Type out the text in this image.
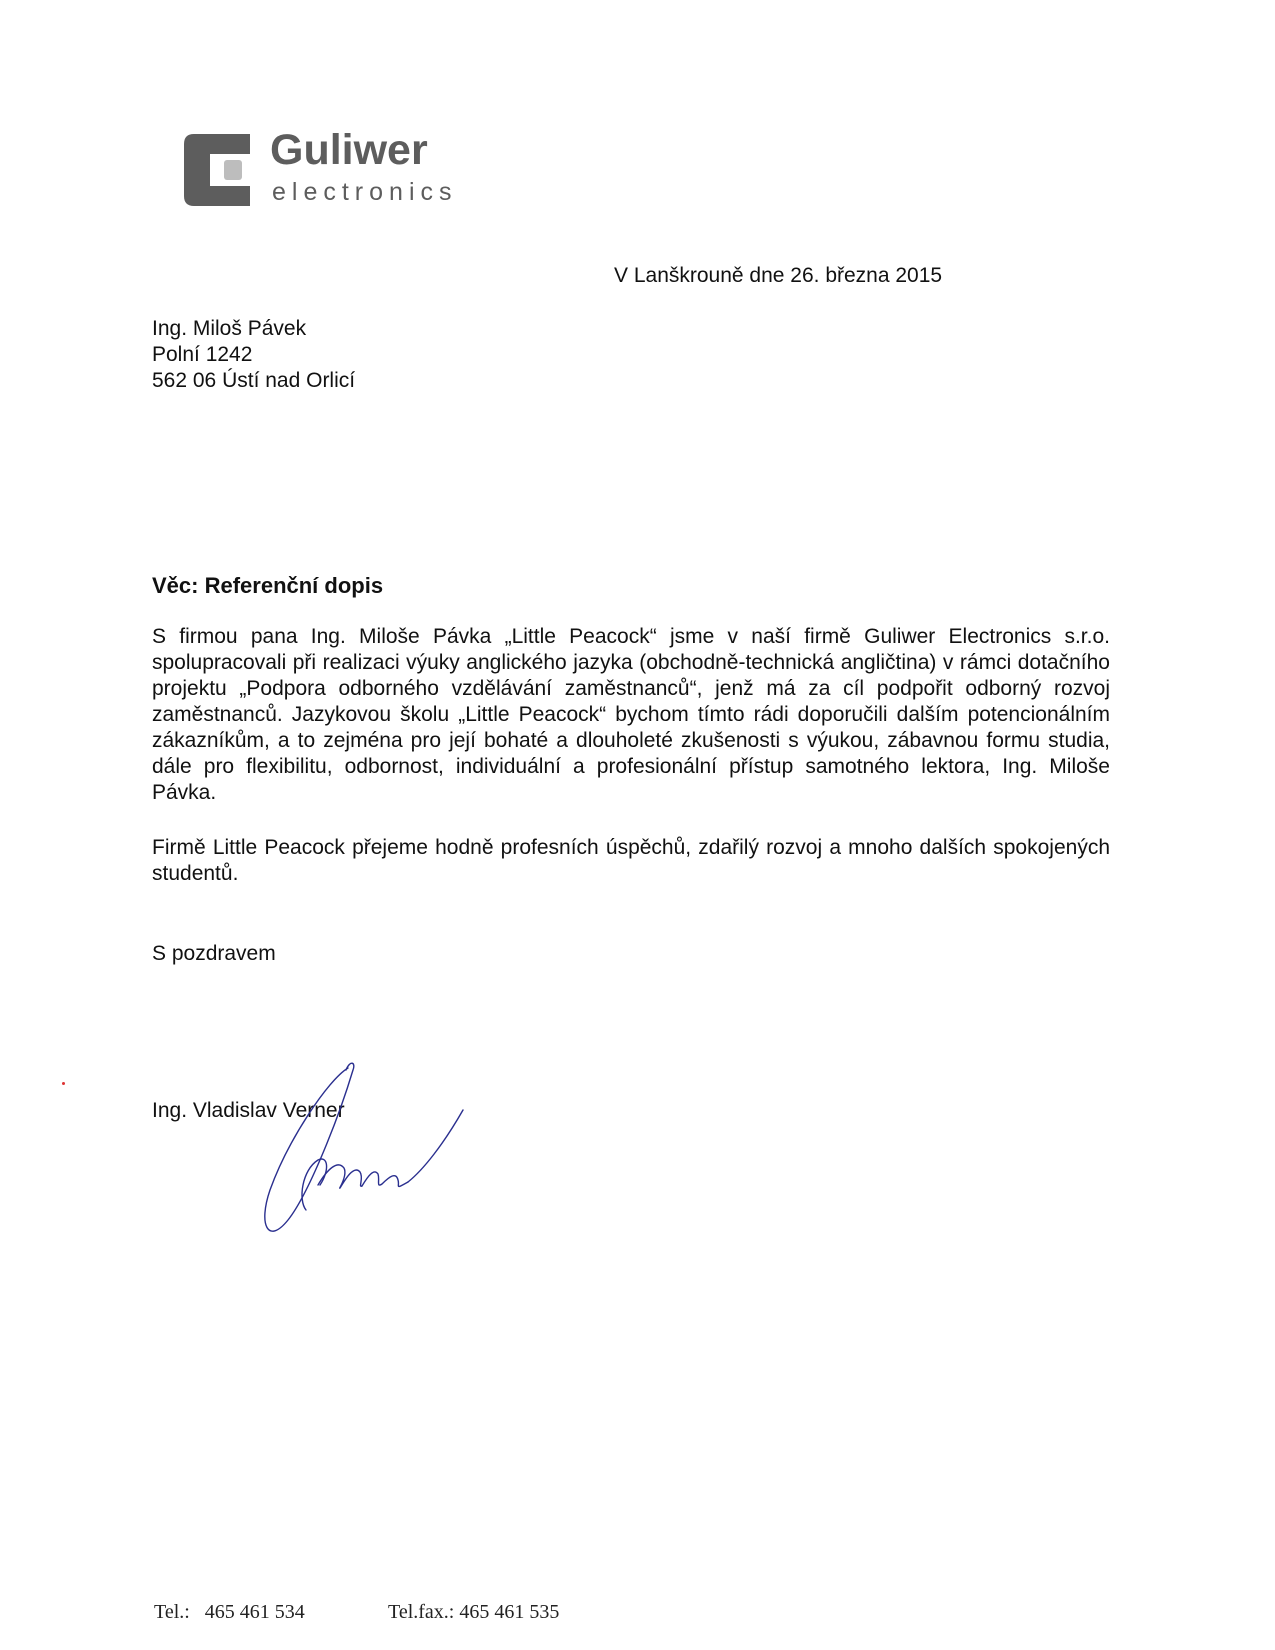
Guliwer
electronics
V Lanškrouně dne 26. března 2015
Ing. Miloš Pávek
Polní 1242
562 06 Ústí nad Orlicí
Věc: Referenční dopis
S firmou pana Ing. Miloše Pávka „Little Peacock“ jsme v naší firmě Guliwer Electronics s.r.o. spolupracovali při realizaci výuky anglického jazyka (obchodně-technická angličtina) v rámci dotačního projektu „Podpora odborného vzdělávání zaměstnanců“, jenž má za cíl podpořit odborný rozvoj zaměstnanců. Jazykovou školu „Little Peacock“ bychom tímto rádi doporučili dalším potencionálním zákazníkům, a to zejména pro její bohaté a dlouholeté zkušenosti s výukou, zábavnou formu studia, dále pro flexibilitu, odbornost, individuální a profesionální přístup samotného lektora, Ing. Miloše Pávka.
Firmě Little Peacock přejeme hodně profesních úspěchů, zdařilý rozvoj a mnoho dalších spokojených studentů.
S pozdravem
Ing. Vladislav Verner
Tel.:   465 461 534	Tel.fax.: 465 461 535
